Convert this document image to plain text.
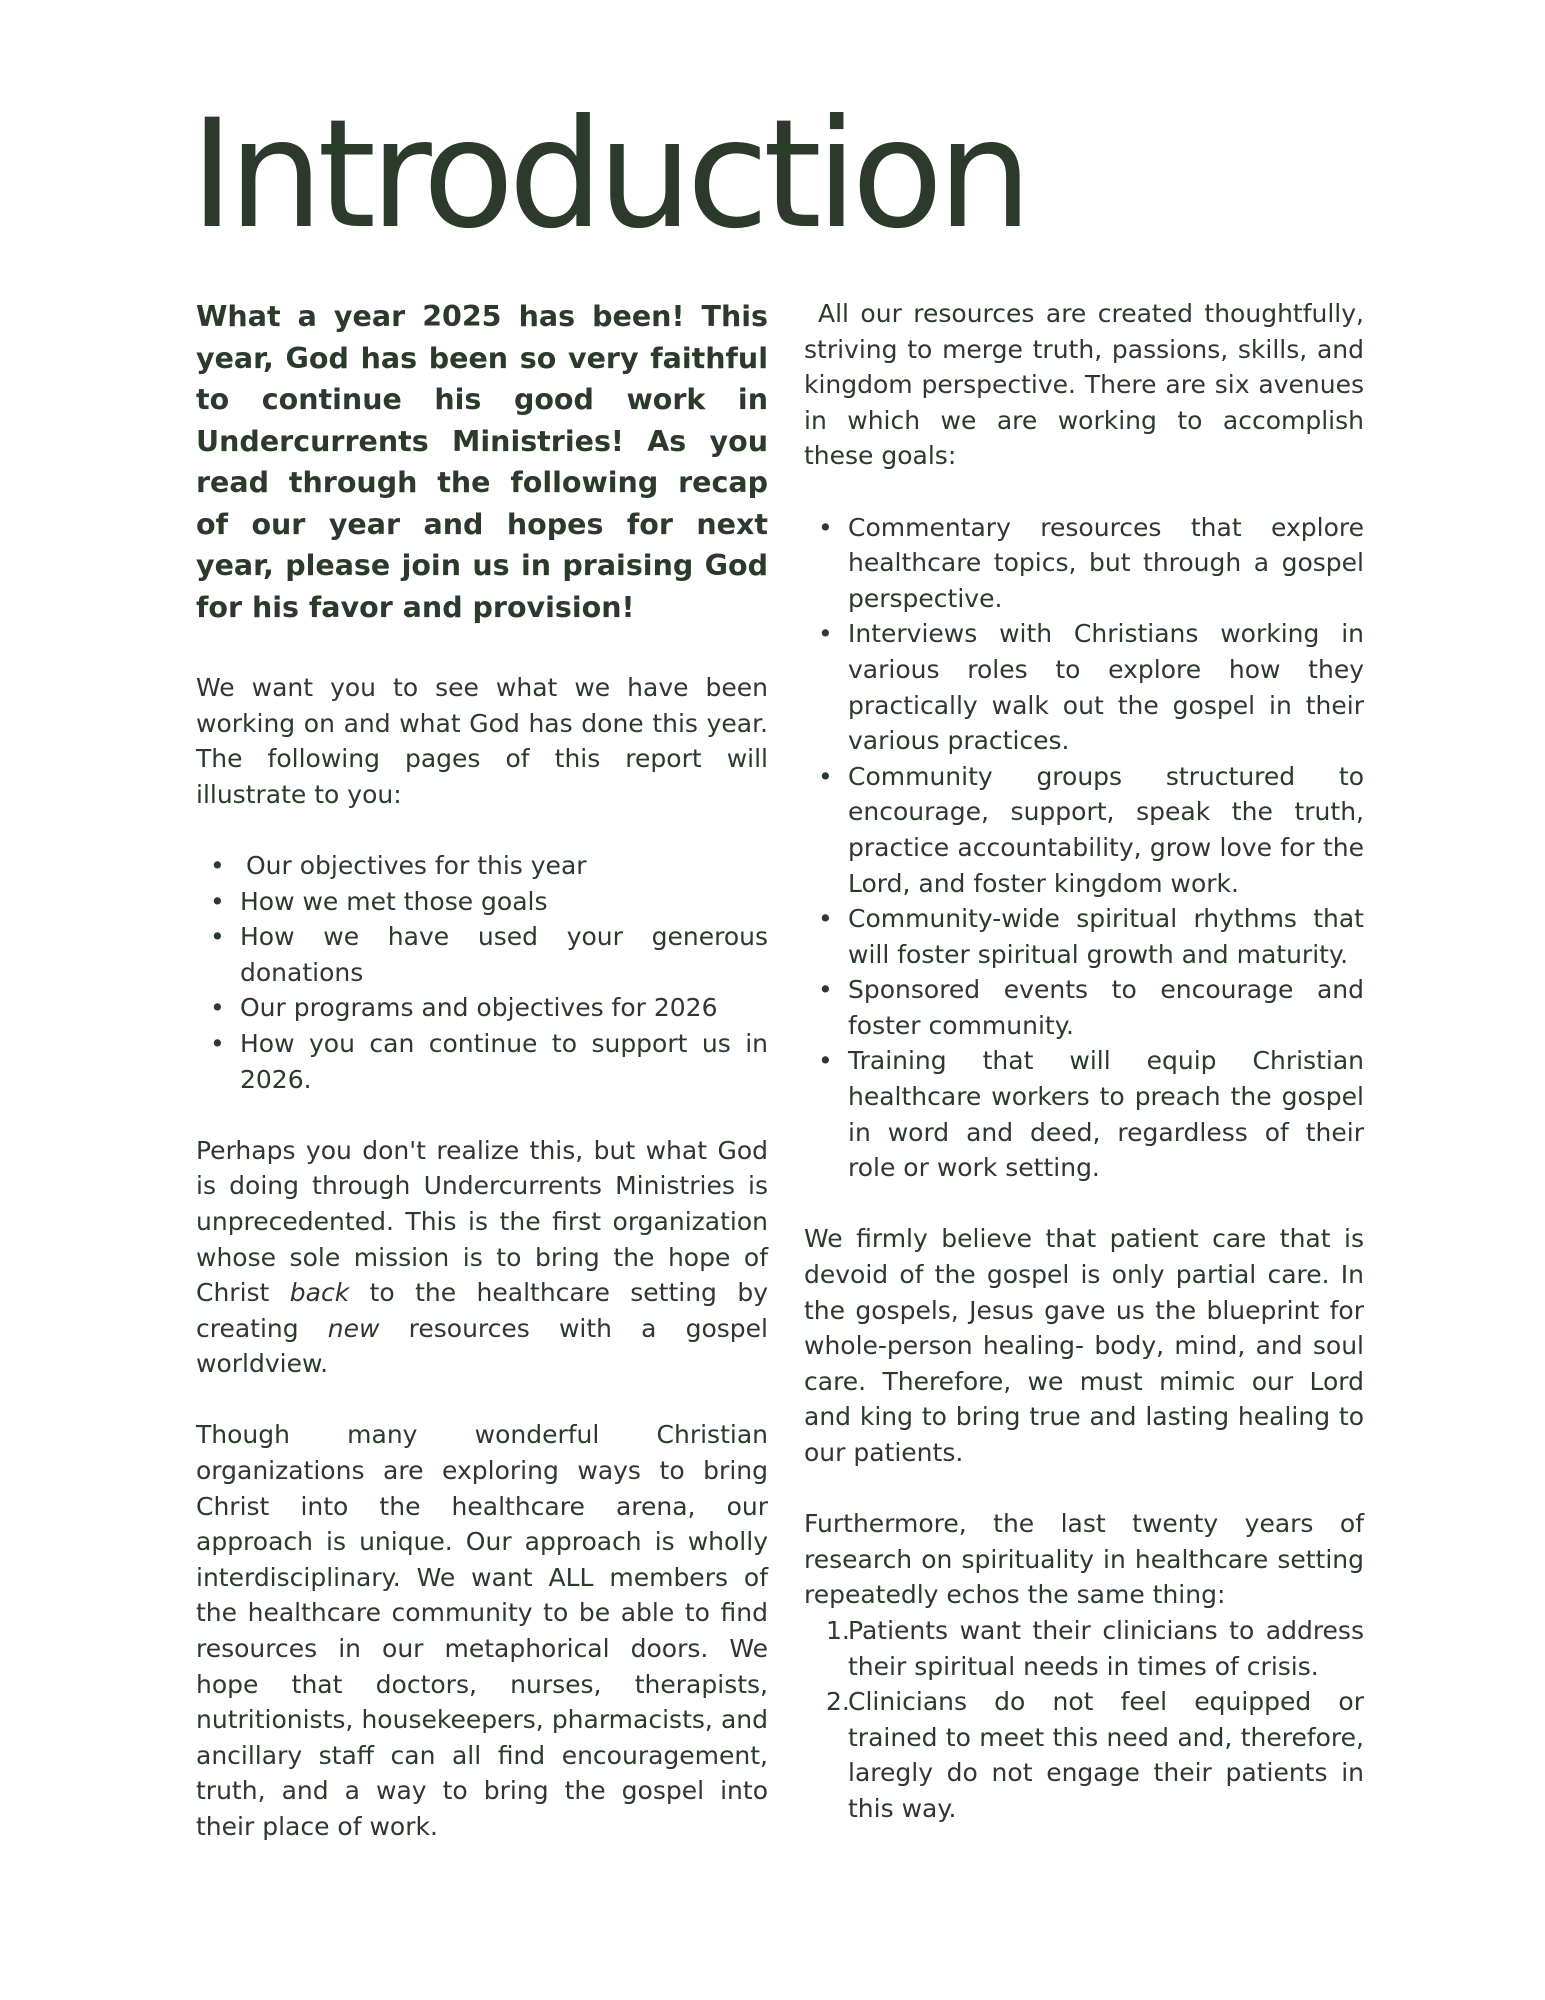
Introduction

What a year 2025 has been! This year, God has been so very faithful to continue his good work in Undercurrents Ministries! As you read through the following recap of our year and hopes for next year, please join us in praising God for his favor and provision!

We want you to see what we have been working on and what God has done this year. The following pages of this report will illustrate to you:

• Our objectives for this year
• How we met those goals
• How we have used your generous donations
• Our programs and objectives for 2026
• How you can continue to support us in 2026.

Perhaps you don't realize this, but what God is doing through Undercurrents Ministries is unprecedented. This is the first organization whose sole mission is to bring the hope of Christ back to the healthcare setting by creating new resources with a gospel worldview.

Though many wonderful Christian organizations are exploring ways to bring Christ into the healthcare arena, our approach is unique. Our approach is wholly interdisciplinary. We want ALL members of the healthcare community to be able to find resources in our metaphorical doors. We hope that doctors, nurses, therapists, nutritionists, housekeepers, pharmacists, and ancillary staff can all find encouragement, truth, and a way to bring the gospel into their place of work.

All our resources are created thoughtfully, striving to merge truth, passions, skills, and kingdom perspective. There are six avenues in which we are working to accomplish these goals:

• Commentary resources that explore healthcare topics, but through a gospel perspective.
• Interviews with Christians working in various roles to explore how they practically walk out the gospel in their various practices.
• Community groups structured to encourage, support, speak the truth, practice accountability, grow love for the Lord, and foster kingdom work.
• Community-wide spiritual rhythms that will foster spiritual growth and maturity.
• Sponsored events to encourage and foster community.
• Training that will equip Christian healthcare workers to preach the gospel in word and deed, regardless of their role or work setting.

We firmly believe that patient care that is devoid of the gospel is only partial care. In the gospels, Jesus gave us the blueprint for whole-person healing- body, mind, and soul care. Therefore, we must mimic our Lord and king to bring true and lasting healing to our patients.

Furthermore, the last twenty years of research on spirituality in healthcare setting repeatedly echos the same thing:

1.
Patients want their clinicians to address their spiritual needs in times of crisis.
2.
Clinicians do not feel equipped or trained to meet this need and, therefore, laregly do not engage their patients in this way.
